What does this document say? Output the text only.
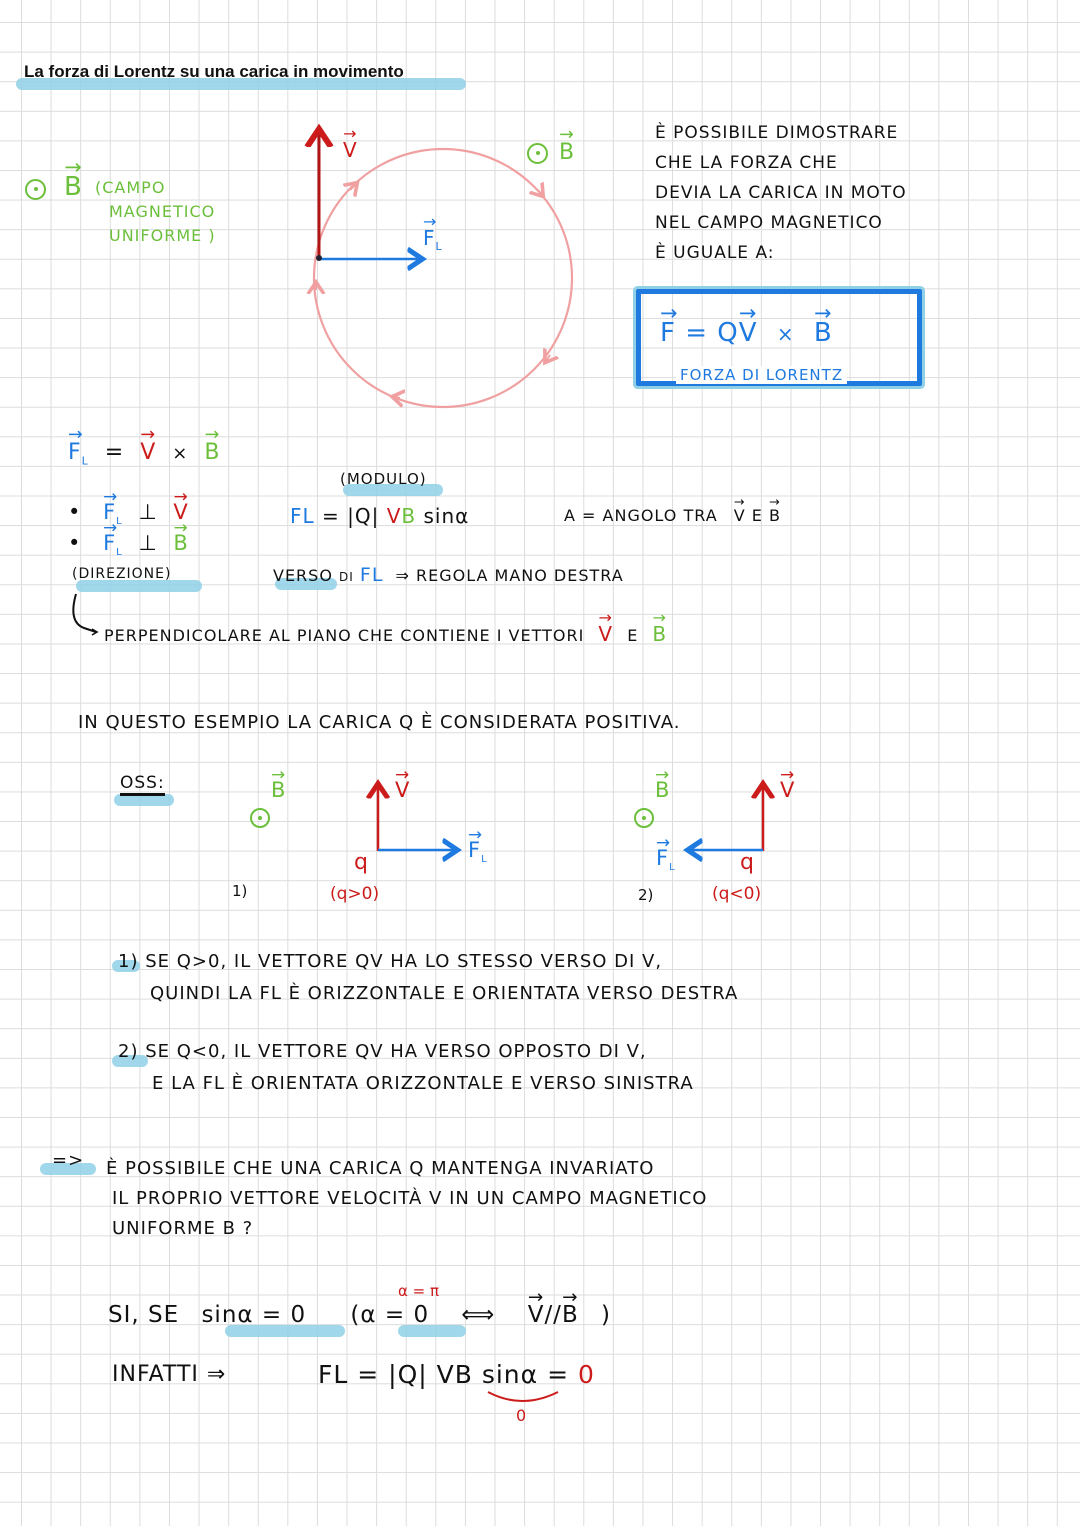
La forza di Lorentz su una carica in movimento
→ B (CAMPO
MAGNETICO
UNIFORME )
→ V
→ $F_L$
→ B
È POSSIBILE DIMOSTRARE
CHE LA FORZA CHE
DEVIA LA CARICA IN MOTO
NEL CAMPO MAGNETICO
È UGUALE A:
→ F = Q→ V × → B
FORZA DI LORENTZ
→ $F_L$ = → V × → B
• → $F_L$ ⊥ → V
• → $F_L$ ⊥ → B
(DIREZIONE)
(MODULO)
FL = |Q| VB sinα	Α = ANGOLO TRA → V E → B
VERSO DI FL ⇒ REGOLA MANO DESTRA
PERPENDICOLARE AL PIANO CHE CONTIENE I VETTORI → V E → B
IN QUESTO ESEMPIO LA CARICA Q È CONSIDERATA POSITIVA.
OSS:	→ B	→ V
→ $F_L$
q
(q>0)
1)
→ B	→ V
→ $F_L$	q
(q<0)
2)
1) SE Q>0, IL VETTORE QV HA LO STESSO VERSO DI V,
QUINDI LA FL È ORIZZONTALE E ORIENTATA VERSO DESTRA
2) SE Q<0, IL VETTORE QV HA VERSO OPPOSTO DI V,
E LA FL È ORIENTATA ORIZZONTALE E VERSO SINISTRA
=> È POSSIBILE CHE UNA CARICA Q MANTENGA INVARIATO
IL PROPRIO VETTORE VELOCITÀ V IN UN CAMPO MAGNETICO
UNIFORME B ?
α = π
SI, SE sinα = 0 (α = 0 ⟺ → V//→ B )
INFATTI ⇒	FL = |Q| VB sinα = 0
0
